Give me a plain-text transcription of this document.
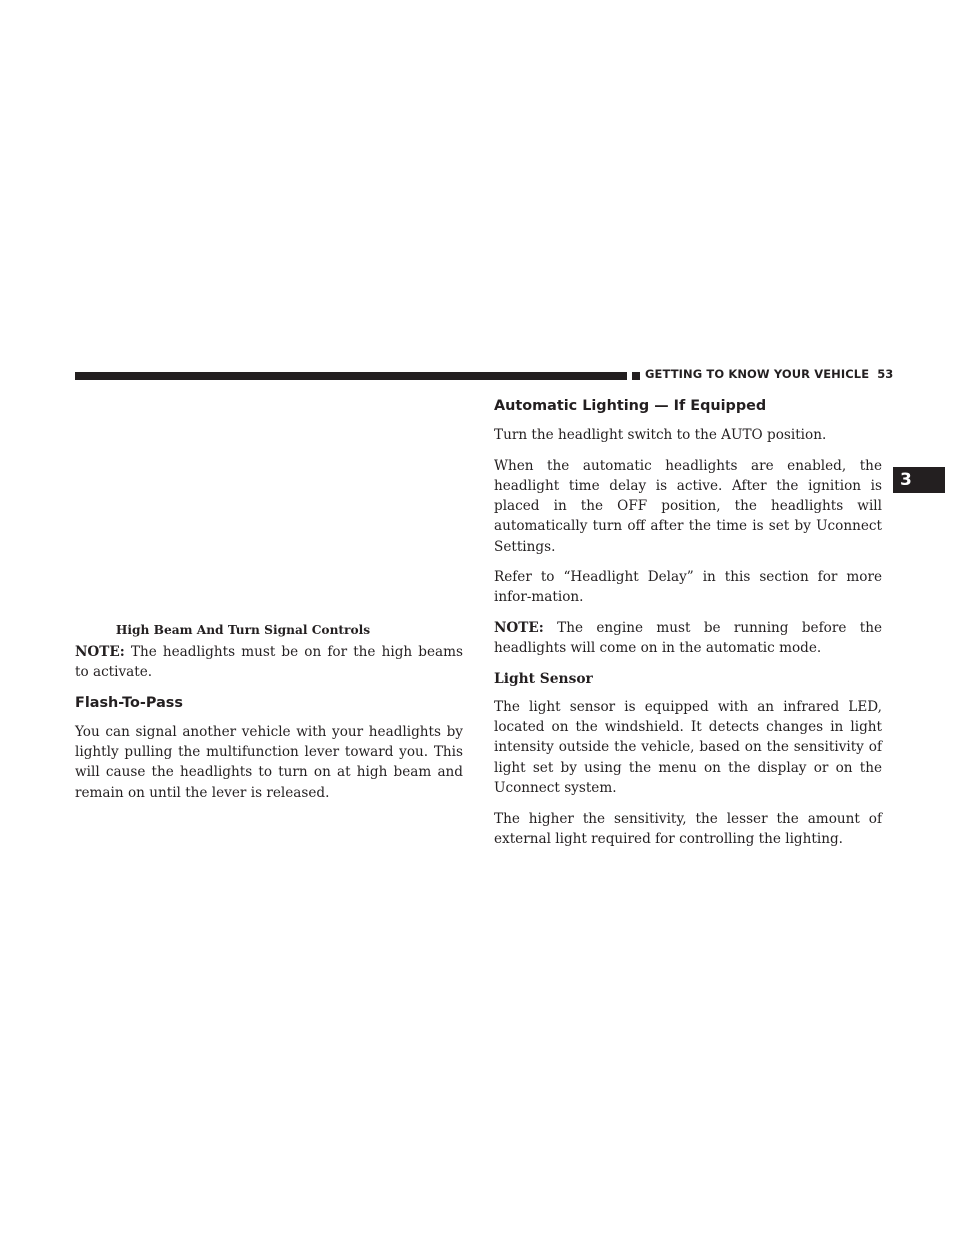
GETTING TO KNOW YOUR VEHICLE 53
3
High Beam And Turn Signal Controls

NOTE: The headlights must be on for the high beams to activate.

Flash-To-Pass

You can signal another vehicle with your headlights by lightly pulling the multifunction lever toward you. This will cause the headlights to turn on at high beam and remain on until the lever is released.

Automatic Lighting — If Equipped

Turn the headlight switch to the AUTO position.

When the automatic headlights are enabled, the headlight time delay is active. After the ignition is placed in the OFF position, the headlights will automatically turn off after the time is set by Uconnect Settings.

Refer to “Headlight Delay” in this section for more infor-mation.

NOTE: The engine must be running before the headlights will come on in the automatic mode.

Light Sensor

The light sensor is equipped with an infrared LED, located on the windshield. It detects changes in light intensity outside the vehicle, based on the sensitivity of light set by using the menu on the display or on the Uconnect system.

The higher the sensitivity, the lesser the amount of external light required for controlling the lighting.
